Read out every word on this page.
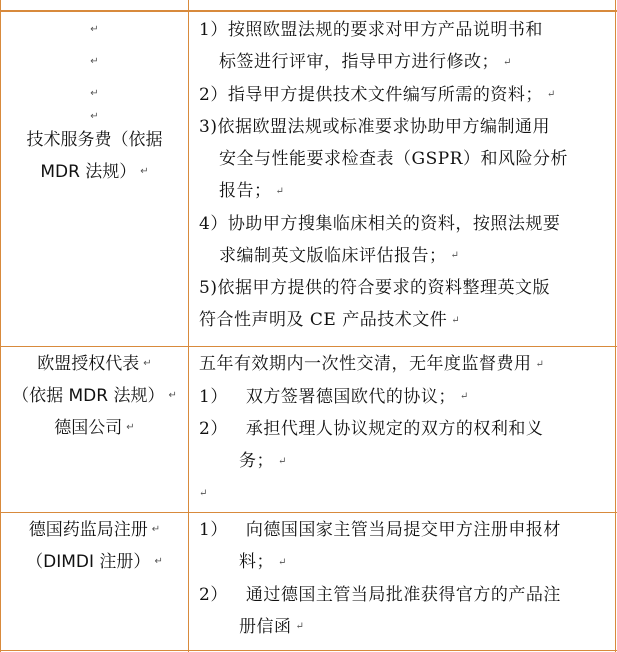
↵
↵
↵
↵
技术服务费（依据
MDR 法规） ↵
1）按照欧盟法规的要求对甲方产品说明书和
标签进行评审，指导甲方进行修改； ↵
2）指导甲方提供技术文件编写所需的资料； ↵
3)依据欧盟法规或标准要求协助甲方编制通用
安全与性能要求检查表（GSPR）和风险分析
报告； ↵
4）协助甲方搜集临床相关的资料，按照法规要
求编制英文版临床评估报告； ↵
5)依据甲方提供的符合要求的资料整理英文版
符合性声明及 CE 产品技术文件 ↵
欧盟授权代表 ↵
（依据 MDR 法规） ↵
德国公司 ↵
五年有效期内一次性交清，无年度监督费用 ↵
1） 双方签署德国欧代的协议； ↵
2） 承担代理人协议规定的双方的权利和义
务； ↵
↵
德国药监局注册 ↵
（DIMDI 注册） ↵
1） 向德国国家主管当局提交甲方注册申报材
料； ↵
2） 通过德国主管当局批准获得官方的产品注
册信函 ↵
